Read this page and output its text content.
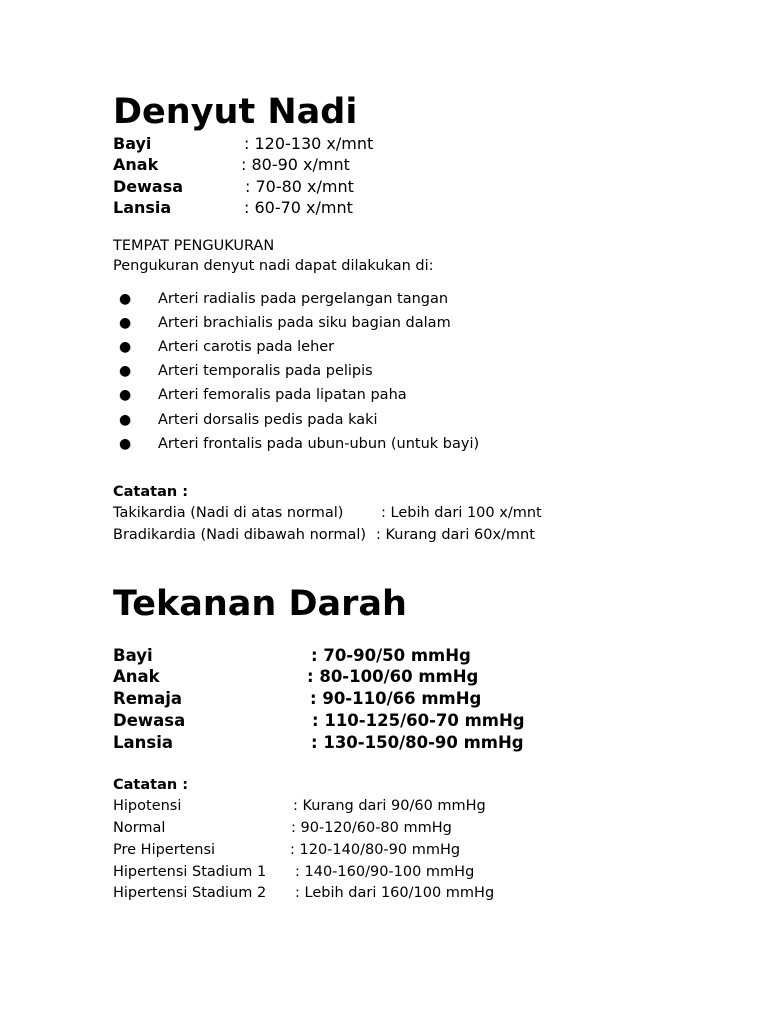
Denyut Nadi
Bayi	: 120-130 x/mnt
Anak	: 80-90 x/mnt
Dewasa	: 70-80 x/mnt
Lansia	: 60-70 x/mnt
TEMPAT PENGUKURAN
Pengukuran denyut nadi dapat dilakukan di:
● Arteri radialis pada pergelangan tangan
● Arteri brachialis pada siku bagian dalam
● Arteri carotis pada leher
● Arteri temporalis pada pelipis
● Arteri femoralis pada lipatan paha
● Arteri dorsalis pedis pada kaki
● Arteri frontalis pada ubun-ubun (untuk bayi)
Catatan :
Takikardia (Nadi di atas normal)	: Lebih dari 100 x/mnt
Bradikardia (Nadi dibawah normal) : Kurang dari 60x/mnt
Tekanan Darah
Bayi	: 70-90/50 mmHg
Anak	: 80-100/60 mmHg
Remaja	: 90-110/66 mmHg
Dewasa	: 110-125/60-70 mmHg
Lansia	: 130-150/80-90 mmHg
Catatan :
Hipotensi	: Kurang dari 90/60 mmHg
Normal	: 90-120/60-80 mmHg
Pre Hipertensi	: 120-140/80-90 mmHg
Hipertensi Stadium 1 : 140-160/90-100 mmHg
Hipertensi Stadium 2 : Lebih dari 160/100 mmHg
